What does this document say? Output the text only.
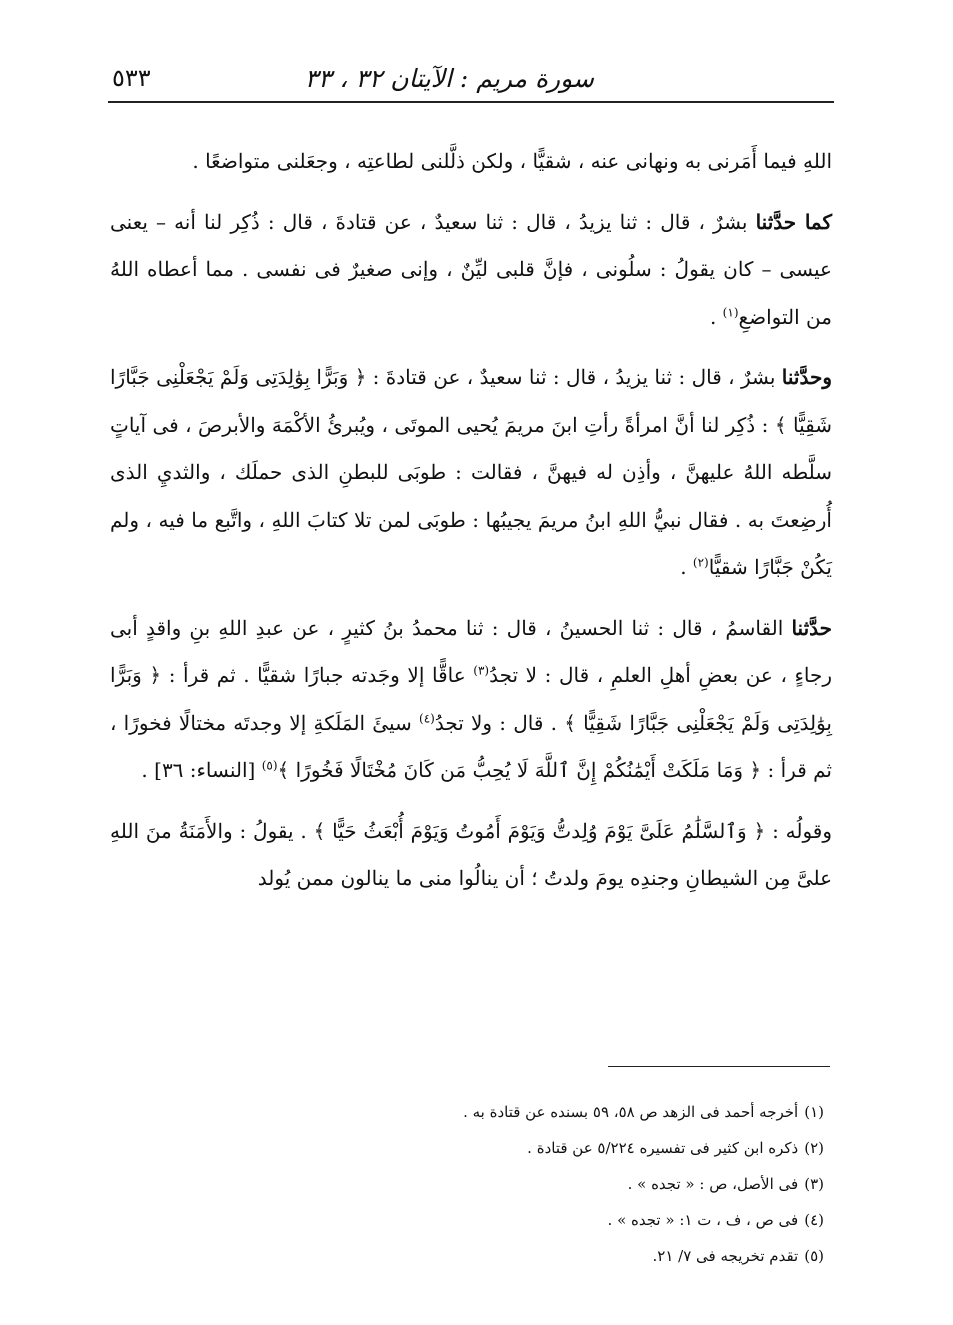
سورة مريم : الآيتان ٣٢ ، ٣٣
٥٣٣

اللهِ فيما أَمَرنى به ونهانى عنه ، شقيًّا ، ولكن ذلَّلنى لطاعتِه ، وجعَلنى متواضعًا .

كما حدَّثنا بشرٌ ، قال : ثنا يزيدُ ، قال : ثنا سعيدٌ ، عن قتادةَ ، قال : ذُكِر لنا أنه – يعنى عيسى – كان يقولُ : سلُونى ، فإنَّ قلبى ليِّنٌ ، وإنى صغيرٌ فى نفسى . مما أعطاه اللهُ من التواضعِ$^{(١)}$ .

وحدَّثنا بشرٌ ، قال : ثنا يزيدُ ، قال : ثنا سعيدٌ ، عن قتادةَ : ﴿ وَبَرًّا بِوَٰلِدَتِى وَلَمْ يَجْعَلْنِى جَبَّارًا شَقِيًّا ﴾ : ذُكِر لنا أنَّ امرأةً رأتِ ابنَ مريمَ يُحيى الموتَى ، ويُبرئُ الأكْمَهَ والأبرصَ ، فى آياتٍ سلَّطه اللهُ عليهنَّ ، وأذِن له فيهنَّ ، فقالت : طوبَى للبطنِ الذى حملَك ، والثديِ الذى أُرضِعتَ به . فقال نبيُّ اللهِ ابنُ مريمَ يجيبُها : طوبَى لمن تلا كتابَ اللهِ ، واتَّبع ما فيه ، ولم يَكُنْ جَبَّارًا شقيًّا$^{(٢)}$ .

حدَّثنا القاسمُ ، قال : ثنا الحسينُ ، قال : ثنا محمدُ بنُ كثيرٍ ، عن عبدِ اللهِ بنِ واقدٍ أبى رجاءٍ ، عن بعضِ أهلِ العلمِ ، قال : لا تجدُ$^{(٣)}$ عاقًّا إلا وجَدته جبارًا شقيًّا . ثم قرأ : ﴿ وَبَرًّا بِوَٰلِدَتِى وَلَمْ يَجْعَلْنِى جَبَّارًا شَقِيًّا ﴾ . قال : ولا تجدُ$^{(٤)}$ سيئَ المَلَكةِ إلا وجدتَه مختالًا فخورًا ، ثم قرأ : ﴿ وَمَا مَلَكَتْ أَيْمَٰنُكُمْ إِنَّ ٱللَّهَ لَا يُحِبُّ مَن كَانَ مُخْتَالًا فَخُورًا ﴾$^{(٥)}$ [النساء: ٣٦] .

وقولُه : ﴿ وَٱلسَّلَٰمُ عَلَىَّ يَوْمَ وُلِدتُّ وَيَوْمَ أَمُوتُ وَيَوْمَ أُبْعَثُ حَيًّا ﴾ . يقولُ : والأَمَنَةُ منَ اللهِ علىَّ مِن الشيطانِ وجندِه يومَ ولدتُ ؛ أن ينالُوا منى ما ينالون ممن يُولد

(١)أخرجه أحمد فى الزهد ص ٥٨، ٥٩ بسنده عن قتادة به .
(٢)ذكره ابن كثير فى تفسيره ٥/٢٢٤ عن قتادة .
(٣)فى الأصل، ص : « تجده » .
(٤)فى ص ، ف ، ت ١: « تجده » .
(٥)تقدم تخريجه فى ٧/ ٢١.
